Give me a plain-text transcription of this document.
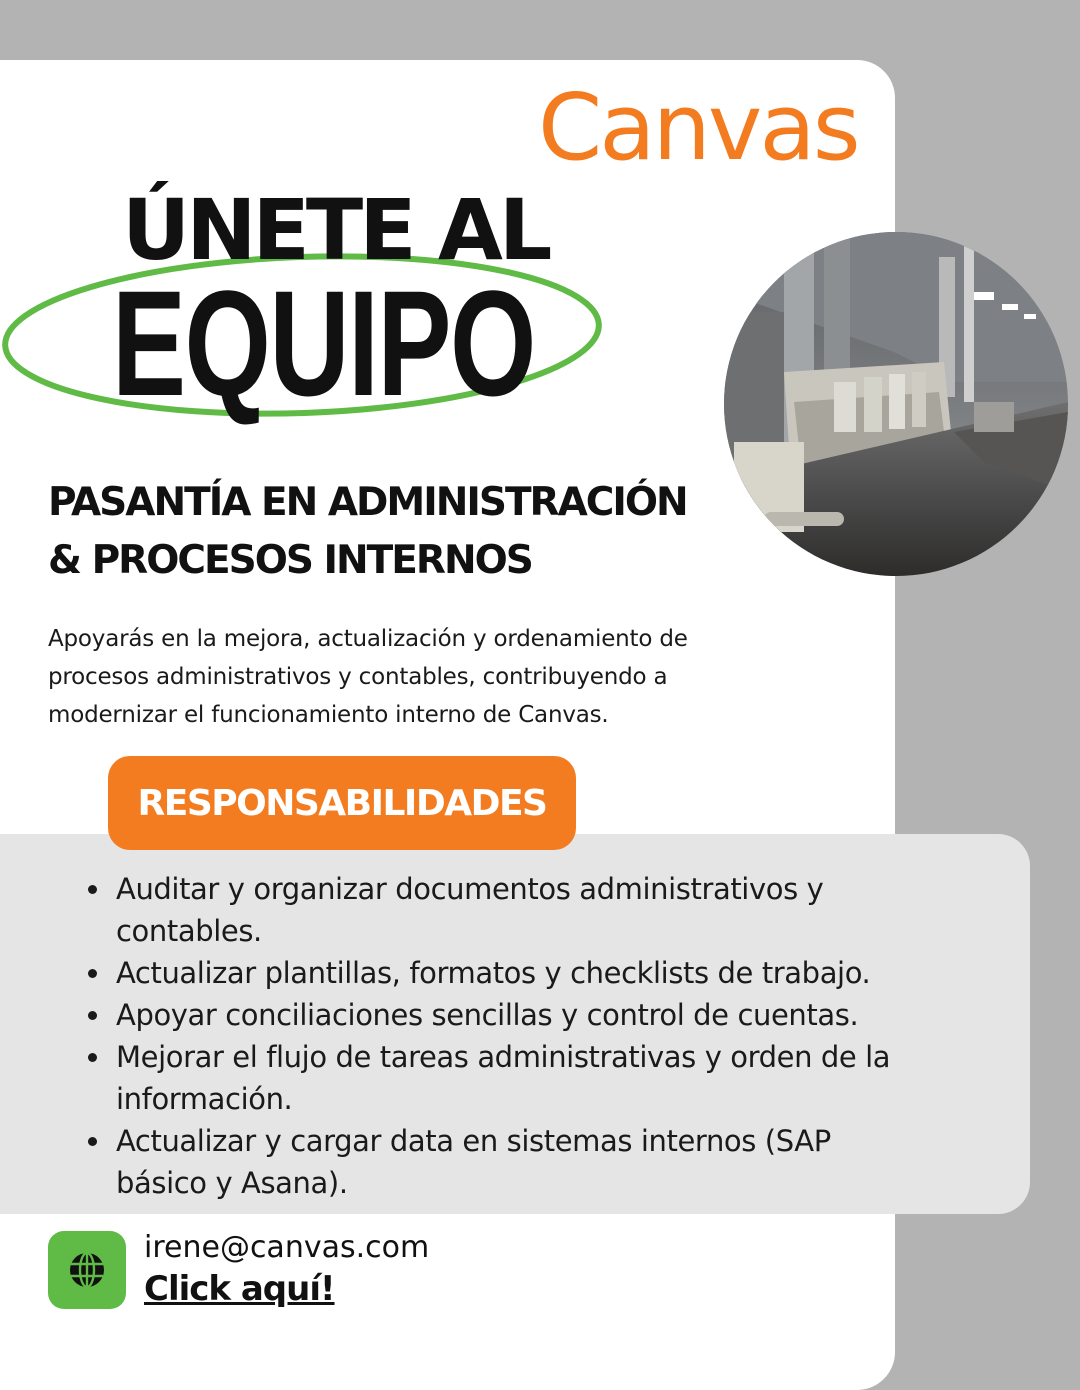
Canvas
ÚNETE AL
EQUIPO
PASANTÍA EN ADMINISTRACIÓN
& PROCESOS INTERNOS
Apoyarás en la mejora, actualización y ordenamiento de
procesos administrativos y contables, contribuyendo a
modernizar el funcionamiento interno de Canvas.
RESPONSABILIDADES
Auditar y organizar documentos administrativos y
contables.
Actualizar plantillas, formatos y checklists de trabajo.
Apoyar conciliaciones sencillas y control de cuentas.
Mejorar el flujo de tareas administrativas y orden de la
información.
Actualizar y cargar data en sistemas internos (SAP
básico y Asana).
irene@canvas.com
Click aquí!
